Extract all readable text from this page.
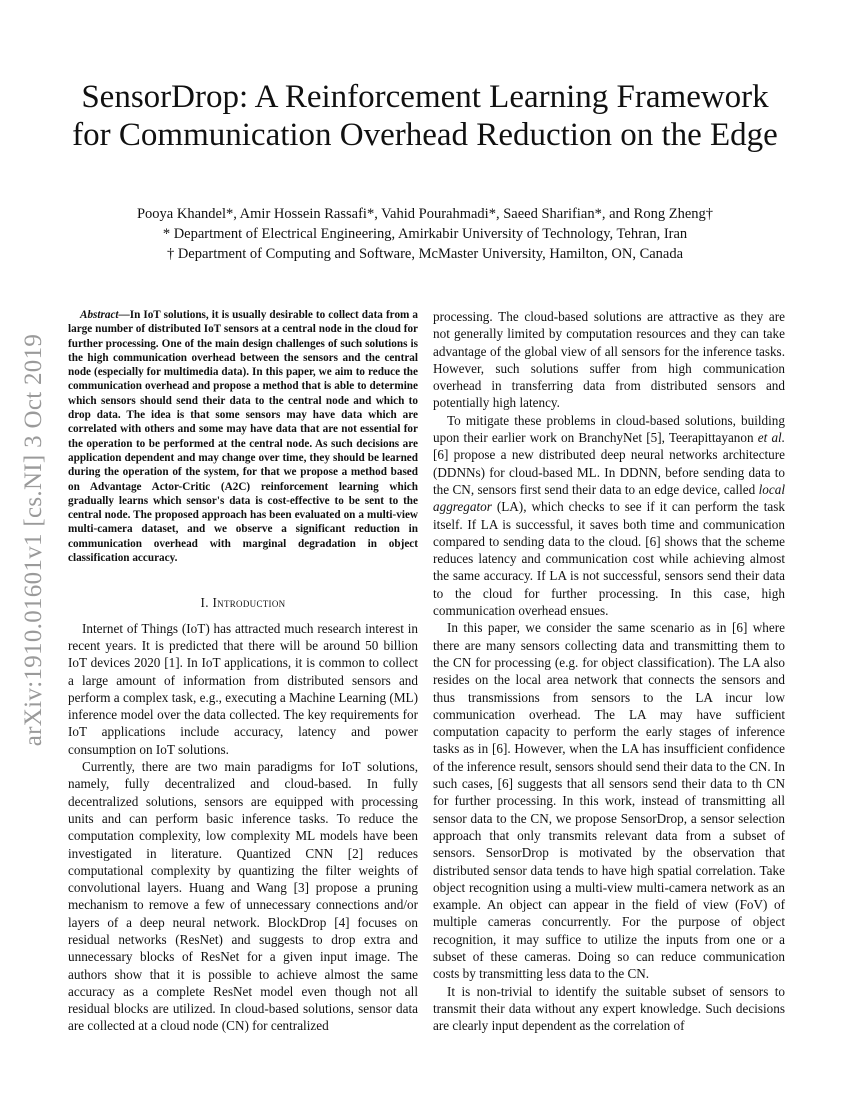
arXiv:1910.01601v1 [cs.NI] 3 Oct 2019
SensorDrop: A Reinforcement Learning Framework for Communication Overhead Reduction on the Edge
Pooya Khandel*, Amir Hossein Rassafi*, Vahid Pourahmadi*, Saeed Sharifian*, and Rong Zheng†
* Department of Electrical Engineering, Amirkabir University of Technology, Tehran, Iran
† Department of Computing and Software, McMaster University, Hamilton, ON, Canada

Abstract—In IoT solutions, it is usually desirable to collect data from a large number of distributed IoT sensors at a central node in the cloud for further processing. One of the main design challenges of such solutions is the high communication overhead between the sensors and the central node (especially for multimedia data). In this paper, we aim to reduce the communication overhead and propose a method that is able to determine which sensors should send their data to the central node and which to drop data. The idea is that some sensors may have data which are correlated with others and some may have data that are not essential for the operation to be performed at the central node. As such decisions are application dependent and may change over time, they should be learned during the operation of the system, for that we propose a method based on Advantage Actor-Critic (A2C) reinforcement learning which gradually learns which sensor's data is cost-effective to be sent to the central node. The proposed approach has been evaluated on a multi-view multi-camera dataset, and we observe a significant reduction in communication overhead with marginal degradation in object classification accuracy.

I. Introduction

Internet of Things (IoT) has attracted much research interest in recent years. It is predicted that there will be around 50 billion IoT devices 2020 [1]. In IoT applications, it is common to collect a large amount of information from distributed sensors and perform a complex task, e.g., executing a Machine Learning (ML) inference model over the data collected. The key requirements for IoT applications include accuracy, latency and power consumption on IoT solutions.

Currently, there are two main paradigms for IoT solutions, namely, fully decentralized and cloud-based. In fully decentralized solutions, sensors are equipped with processing units and can perform basic inference tasks. To reduce the computation complexity, low complexity ML models have been investigated in literature. Quantized CNN [2] reduces computational complexity by quantizing the filter weights of convolutional layers. Huang and Wang [3] propose a pruning mechanism to remove a few of unnecessary connections and/or layers of a deep neural network. BlockDrop [4] focuses on residual networks (ResNet) and suggests to drop extra and unnecessary blocks of ResNet for a given input image. The authors show that it is possible to achieve almost the same accuracy as a complete ResNet model even though not all residual blocks are utilized. In cloud-based solutions, sensor data are collected at a cloud node (CN) for centralized

processing. The cloud-based solutions are attractive as they are not generally limited by computation resources and they can take advantage of the global view of all sensors for the inference tasks. However, such solutions suffer from high communication overhead in transferring data from distributed sensors and potentially high latency.

To mitigate these problems in cloud-based solutions, building upon their earlier work on BranchyNet [5], Teerapittayanon et al. [6] propose a new distributed deep neural networks architecture (DDNNs) for cloud-based ML. In DDNN, before sending data to the CN, sensors first send their data to an edge device, called local aggregator (LA), which checks to see if it can perform the task itself. If LA is successful, it saves both time and communication compared to sending data to the cloud. [6] shows that the scheme reduces latency and communication cost while achieving almost the same accuracy. If LA is not successful, sensors send their data to the cloud for further processing. In this case, high communication overhead ensues.

In this paper, we consider the same scenario as in [6] where there are many sensors collecting data and transmitting them to the CN for processing (e.g. for object classification). The LA also resides on the local area network that connects the sensors and thus transmissions from sensors to the LA incur low communication overhead. The LA may have sufficient computation capacity to perform the early stages of inference tasks as in [6]. However, when the LA has insufficient confidence of the inference result, sensors should send their data to the CN. In such cases, [6] suggests that all sensors send their data to th CN for further processing. In this work, instead of transmitting all sensor data to the CN, we propose SensorDrop, a sensor selection approach that only transmits relevant data from a subset of sensors. SensorDrop is motivated by the observation that distributed sensor data tends to have high spatial correlation. Take object recognition using a multi-view multi-camera network as an example. An object can appear in the field of view (FoV) of multiple cameras concurrently. For the purpose of object recognition, it may suffice to utilize the inputs from one or a subset of these cameras. Doing so can reduce communication costs by transmitting less data to the CN.

It is non-trivial to identify the suitable subset of sensors to transmit their data without any expert knowledge. Such decisions are clearly input dependent as the correlation of
